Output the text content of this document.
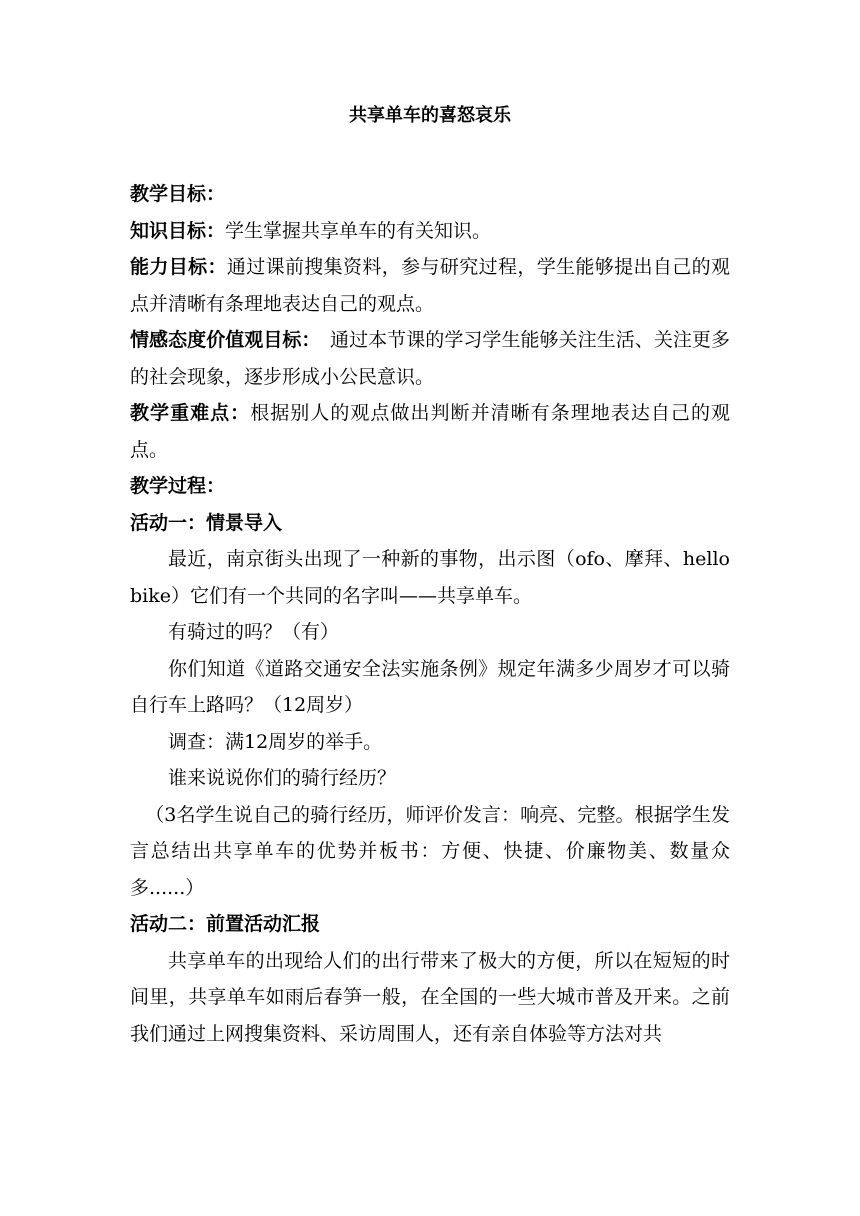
共享单车的喜怒哀乐

教学目标：

知识目标：学生掌握共享单车的有关知识。

能力目标：通过课前搜集资料，参与研究过程，学生能够提出自己的观点并清晰有条理地表达自己的观点。

情感态度价值观目标：　通过本节课的学习学生能够关注生活、关注更多的社会现象，逐步形成小公民意识。

教学重难点：根据别人的观点做出判断并清晰有条理地表达自己的观点。

教学过程：

活动一：情景导入

最近，南京街头出现了一种新的事物，出示图（ofo、摩拜、hello bike）它们有一个共同的名字叫——共享单车。

有骑过的吗？（有）

你们知道《道路交通安全法实施条例》规定年满多少周岁才可以骑自行车上路吗？（12周岁）

调查：满12周岁的举手。

谁来说说你们的骑行经历？

（3名学生说自己的骑行经历，师评价发言：响亮、完整。根据学生发言总结出共享单车的优势并板书：方便、快捷、价廉物美、数量众多......）

活动二：前置活动汇报

共享单车的出现给人们的出行带来了极大的方便，所以在短短的时间里，共享单车如雨后春笋一般，在全国的一些大城市普及开来。之前我们通过上网搜集资料、采访周围人，还有亲自体验等方法对共
